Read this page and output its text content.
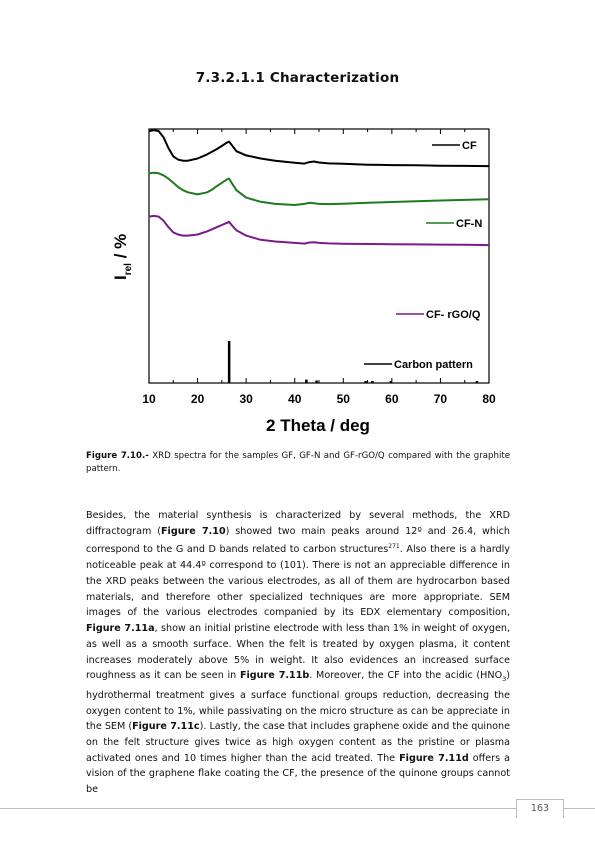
7.3.2.1.1 Characterization
CF
CF-N
CF- rGO/Q
Carbon pattern
10	20	30	40	50	60	70	80
2 Theta / deg
$I_{rel}$ / %
Figure 7.10.- XRD spectra for the samples GF, GF-N and GF-rGO/Q compared with the graphite pattern.
Besides, the material synthesis is characterized by several methods, the XRD diffractogram (Figure 7.10) showed two main peaks around 12º and 26.4, which correspond to the G and D bands related to carbon structures$^{271}$. Also there is a hardly noticeable peak at 44.4º correspond to (101). There is not an appreciable difference in the XRD peaks between the various electrodes, as all of them are hydrocarbon based materials, and therefore other specialized techniques are more appropriate. SEM images of the various electrodes companied by its EDX elementary composition, Figure 7.11a, show an initial pristine electrode with less than 1% in weight of oxygen, as well as a smooth surface. When the felt is treated by oxygen plasma, it content increases moderately above 5% in weight. It also evidences an increased surface roughness as it can be seen in Figure 7.11b. Moreover, the CF into the acidic $(HNO_3)$ hydrothermal treatment gives a surface functional groups reduction, decreasing the oxygen content to 1%, while passivating on the micro structure as can be appreciate in the SEM (Figure 7.11c). Lastly, the case that includes graphene oxide and the quinone on the felt structure gives twice as high oxygen content as the pristine or plasma activated ones and 10 times higher than the acid treated. The Figure 7.11d offers a vision of the graphene flake coating the CF, the presence of the quinone groups cannot be
163
